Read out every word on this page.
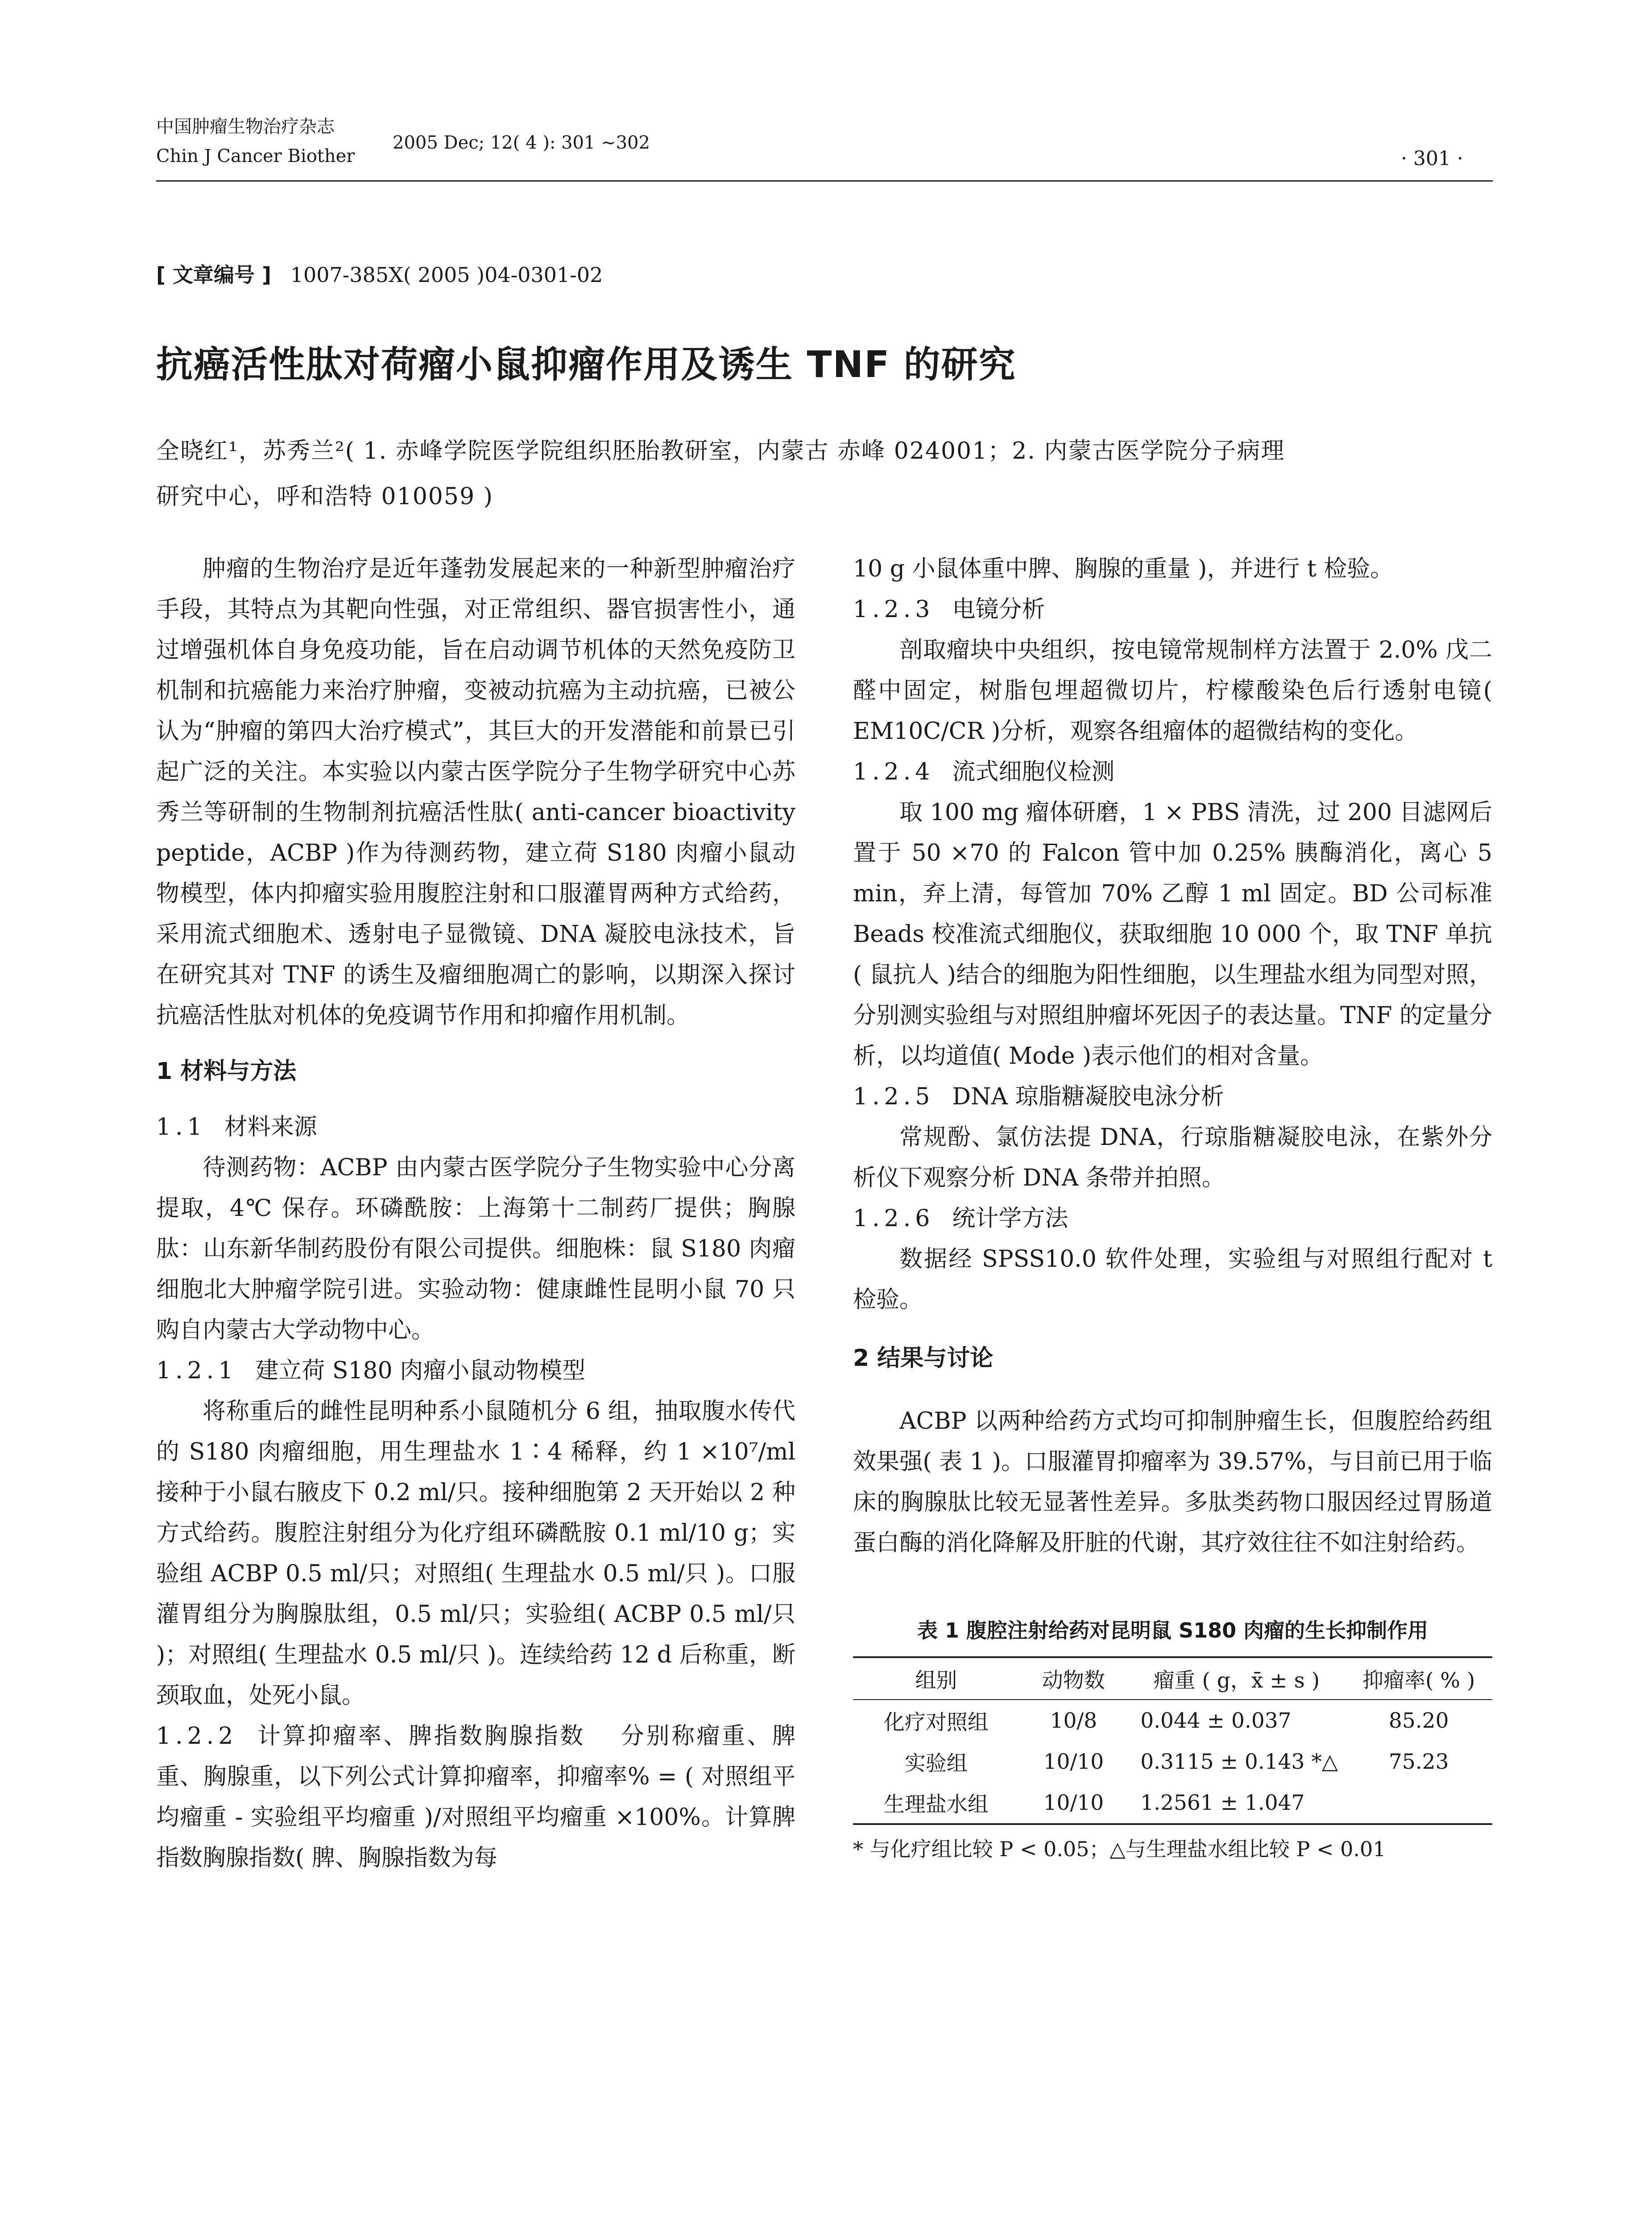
中国肿瘤生物治疗杂志
Chin J Cancer Biother
2005 Dec; 12( 4 ): 301 ~302
· 301 ·
[ 文章编号 ] 1007-385X( 2005 )04-0301-02
抗癌活性肽对荷瘤小鼠抑瘤作用及诱生 TNF 的研究
全晓红¹，苏秀兰²( 1. 赤峰学院医学院组织胚胎教研室，内蒙古 赤峰 024001；2. 内蒙古医学院分子病理
研究中心，呼和浩特 010059 )

肿瘤的生物治疗是近年蓬勃发展起来的一种新型肿瘤治疗手段，其特点为其靶向性强，对正常组织、器官损害性小，通过增强机体自身免疫功能，旨在启动调节机体的天然免疫防卫机制和抗癌能力来治疗肿瘤，变被动抗癌为主动抗癌，已被公认为“肿瘤的第四大治疗模式”，其巨大的开发潜能和前景已引起广泛的关注。本实验以内蒙古医学院分子生物学研究中心苏秀兰等研制的生物制剂抗癌活性肽( anti-cancer bioactivity peptide，ACBP )作为待测药物，建立荷 S180 肉瘤小鼠动物模型，体内抑瘤实验用腹腔注射和口服灌胃两种方式给药，采用流式细胞术、透射电子显微镜、DNA 凝胶电泳技术，旨在研究其对 TNF 的诱生及瘤细胞凋亡的影响，以期深入探讨抗癌活性肽对机体的免疫调节作用和抑瘤作用机制。

1 材料与方法

1.1 材料来源

待测药物：ACBP 由内蒙古医学院分子生物实验中心分离提取，4℃ 保存。环磷酰胺：上海第十二制药厂提供；胸腺肽：山东新华制药股份有限公司提供。细胞株：鼠 S180 肉瘤细胞北大肿瘤学院引进。实验动物：健康雌性昆明小鼠 70 只购自内蒙古大学动物中心。

1.2.1 建立荷 S180 肉瘤小鼠动物模型

将称重后的雌性昆明种系小鼠随机分 6 组，抽取腹水传代的 S180 肉瘤细胞，用生理盐水 1∶4 稀释，约 1 ×10⁷/ml 接种于小鼠右腋皮下 0.2 ml/只。接种细胞第 2 天开始以 2 种方式给药。腹腔注射组分为化疗组环磷酰胺 0.1 ml/10 g；实验组 ACBP 0.5 ml/只；对照组( 生理盐水 0.5 ml/只 )。口服灌胃组分为胸腺肽组，0.5 ml/只；实验组( ACBP 0.5 ml/只 )；对照组( 生理盐水 0.5 ml/只 )。连续给药 12 d 后称重，断颈取血，处死小鼠。

1.2.2 计算抑瘤率、脾指数胸腺指数 分别称瘤重、脾重、胸腺重，以下列公式计算抑瘤率，抑瘤率% = ( 对照组平均瘤重 - 实验组平均瘤重 )/对照组平均瘤重 ×100%。计算脾指数胸腺指数( 脾、胸腺指数为每

10 g 小鼠体重中脾、胸腺的重量 )，并进行 t 检验。

1.2.3 电镜分析

剖取瘤块中央组织，按电镜常规制样方法置于 2.0% 戊二醛中固定，树脂包埋超微切片，柠檬酸染色后行透射电镜( EM10C/CR )分析，观察各组瘤体的超微结构的变化。

1.2.4 流式细胞仪检测

取 100 mg 瘤体研磨，1 × PBS 清洗，过 200 目滤网后置于 50 ×70 的 Falcon 管中加 0.25% 胰酶消化，离心 5 min，弃上清，每管加 70% 乙醇 1 ml 固定。BD 公司标准 Beads 校准流式细胞仪，获取细胞 10 000 个，取 TNF 单抗( 鼠抗人 )结合的细胞为阳性细胞，以生理盐水组为同型对照，分别测实验组与对照组肿瘤坏死因子的表达量。TNF 的定量分析，以均道值( Mode )表示他们的相对含量。

1.2.5 DNA 琼脂糖凝胶电泳分析

常规酚、氯仿法提 DNA，行琼脂糖凝胶电泳，在紫外分析仪下观察分析 DNA 条带并拍照。

1.2.6 统计学方法

数据经 SPSS10.0 软件处理，实验组与对照组行配对 t 检验。

2 结果与讨论

ACBP 以两种给药方式均可抑制肿瘤生长，但腹腔给药组效果强( 表 1 )。口服灌胃抑瘤率为 39.57%，与目前已用于临床的胸腺肽比较无显著性差异。多肽类药物口服因经过胃肠道蛋白酶的消化降解及肝脏的代谢，其疗效往往不如注射给药。

表 1 腹腔注射给药对昆明鼠 S180 肉瘤的生长抑制作用
组别	动物数	瘤重 ( g，x̄ ± s )	抑瘤率( % )
化疗对照组	10/8	0.044 ± 0.037	85.20
实验组	10/10	0.3115 ± 0.143 *△	75.23
生理盐水组	10/10	1.2561 ± 1.047	
* 与化疗组比较 P < 0.05；△与生理盐水组比较 P < 0.01
